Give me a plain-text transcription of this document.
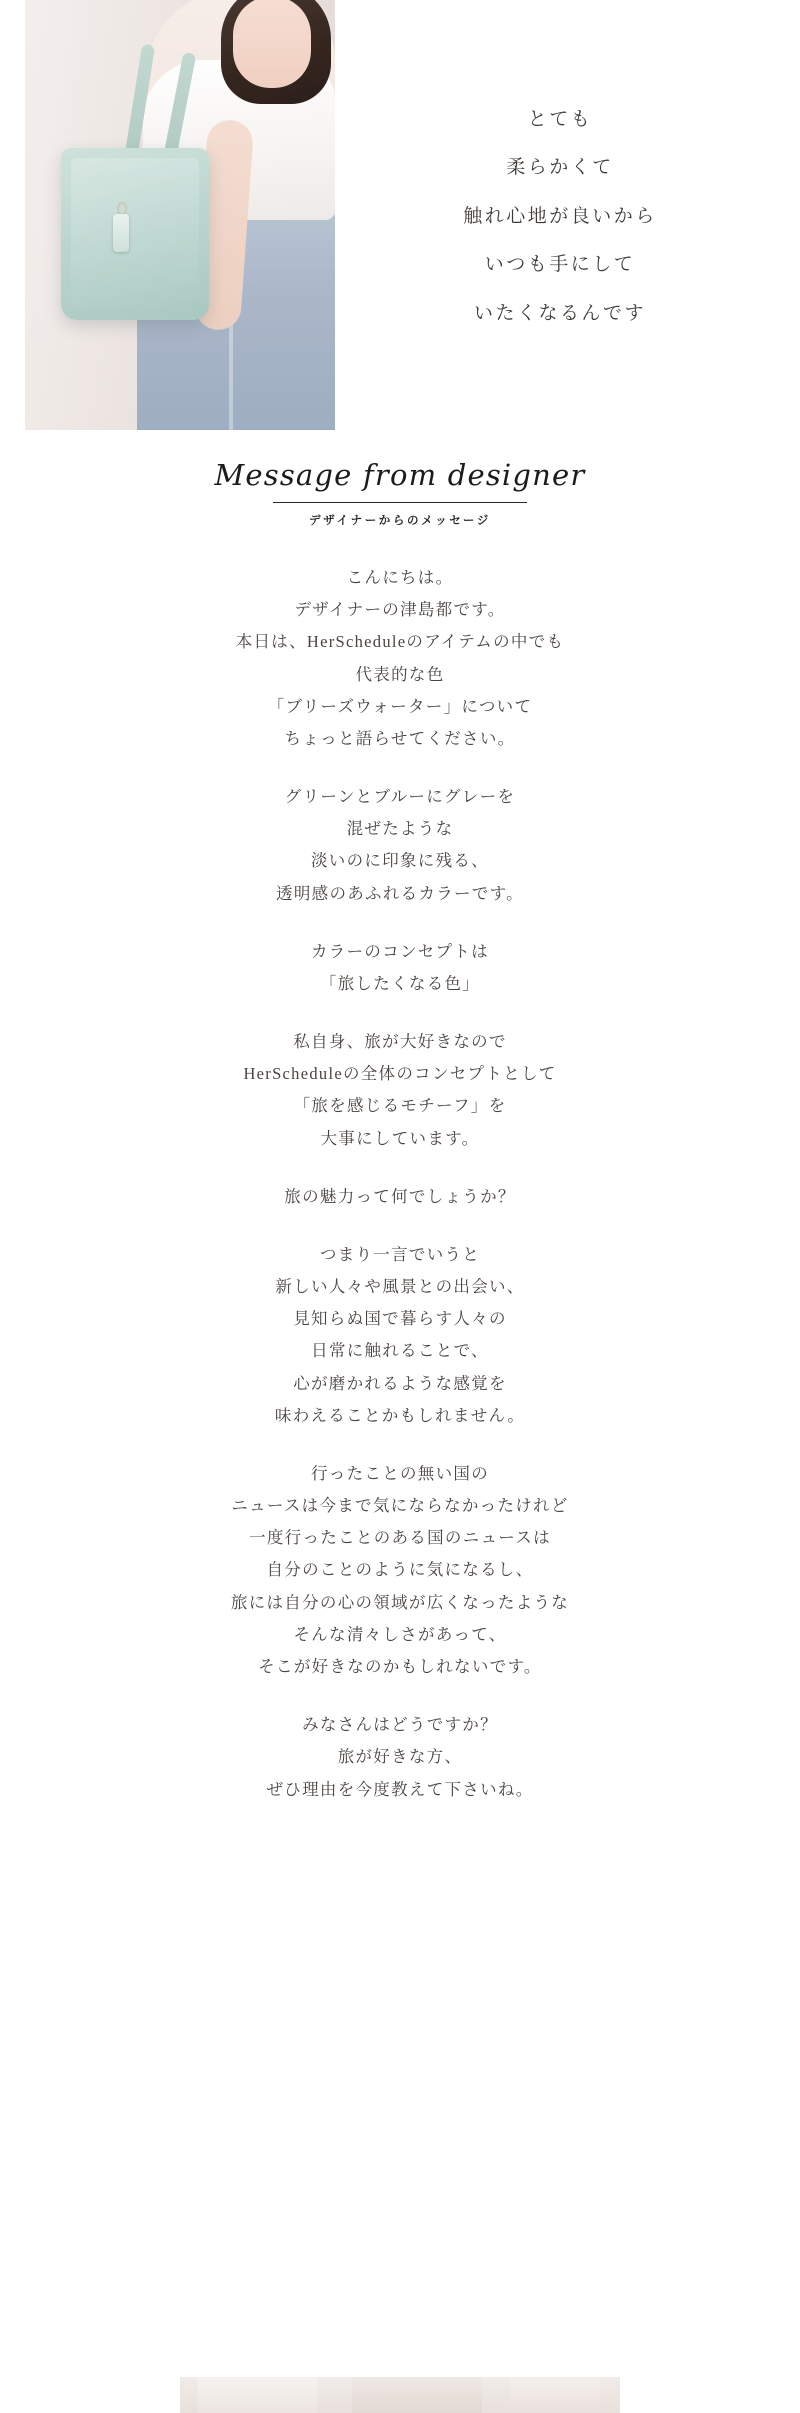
とても
柔らかくて
触れ心地が良いから
いつも手にして
いたくなるんです
Message from designer
デザイナーからのメッセージ
こんにちは。
デザイナーの津島都です。
本日は、HerScheduleのアイテムの中でも
代表的な色
「ブリーズウォーター」について
ちょっと語らせてください。
グリーンとブルーにグレーを
混ぜたような
淡いのに印象に残る、
透明感のあふれるカラーです。
カラーのコンセプトは
「旅したくなる色」
私自身、旅が大好きなので
HerScheduleの全体のコンセプトとして
「旅を感じるモチーフ」を
大事にしています。
旅の魅力って何でしょうか？
つまり一言でいうと
新しい人々や風景との出会い、
見知らぬ国で暮らす人々の
日常に触れることで、
心が磨かれるような感覚を
味わえることかもしれません。
行ったことの無い国の
ニュースは今まで気にならなかったけれど
一度行ったことのある国のニュースは
自分のことのように気になるし、
旅には自分の心の領域が広くなったような
そんな清々しさがあって、
そこが好きなのかもしれないです。
みなさんはどうですか？
旅が好きな方、
ぜひ理由を今度教えて下さいね。
